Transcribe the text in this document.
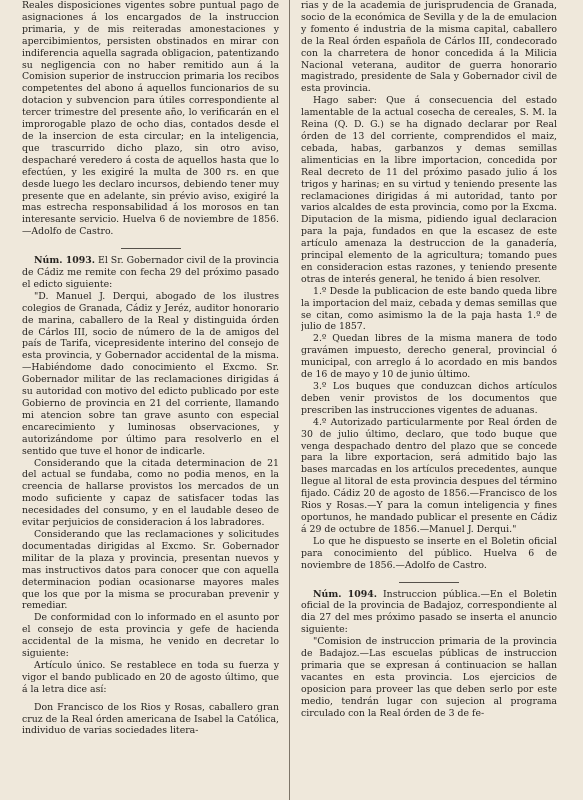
Reales disposiciones vigentes sobre puntual pago de asignaciones á los encargados de la instruccion primaria, y de mis reiteradas amonestaciones y apercibimientos, persisten obstinados en mirar con indiferencia aquella sagrada obligacion, patentizando su negligencia con no haber remitido aun á la Comision superior de instruccion primaria los recibos competentes del abono á aquellos funcionarios de su dotacion y subvencion para útiles correspondiente al tercer trimestre del presente año, lo verificarán en el improrogable plazo de ocho dias, contados desde el de la insercion de esta circular; en la inteligencia, que trascurrido dicho plazo, sin otro aviso, despacharé veredero á costa de aquellos hasta que lo efectúen, y les exigiré la multa de 300 rs. en que desde luego les declaro incursos, debiendo tener muy presente que en adelante, sin prévio aviso, exigiré la mas estrecha responsabilidad á los morosos en tan interesante servicio. Huelva 6 de noviembre de 1856.—Adolfo de Castro.

Núm. 1093. El Sr. Gobernador civil de la provincia de Cádiz me remite con fecha 29 del próximo pasado el edicto siguiente:

"D. Manuel J. Derqui, abogado de los ilustres colegios de Granada, Cádiz y Jeréz, auditor honorario de marina, caballero de la Real y distinguida órden de Cárlos III, socio de número de la de amigos del país de Tarifa, vicepresidente interino del consejo de esta provincia, y Gobernador accidental de la misma.—Habiéndome dado conocimiento el Excmo. Sr. Gobernador militar de las reclamaciones dirigidas á su autoridad con motivo del edicto publicado por este Gobierno de provincia en 21 del corriente, llamando mi atencion sobre tan grave asunto con especial encarecimiento y luminosas observaciones, y autorizándome por último para resolverlo en el sentido que tuve el honor de indicarle.

Considerando que la citada determinacion de 21 del actual se fundaba, como no podia menos, en la creencia de hallarse provistos los mercados de un modo suficiente y capaz de satisfacer todas las necesidades del consumo, y en el laudable deseo de evitar perjuicios de consideracion á los labradores.

Considerando que las reclamaciones y solicitudes documentadas dirigidas al Excmo. Sr. Gobernador militar de la plaza y provincia, presentan nuevos y mas instructivos datos para conocer que con aquella determinacion podian ocasionarse mayores males que los que por la misma se procuraban prevenir y remediar.

De conformidad con lo informado en el asunto por el consejo de esta provincia y gefe de hacienda accidental de la misma, he venido en decretar lo siguiente:

Artículo único. Se restablece en toda su fuerza y vigor el bando publicado en 20 de agosto último, que á la letra dice así:

Don Francisco de los Rios y Rosas, caballero gran cruz de la Real órden americana de Isabel la Católica, individuo de varias sociedades litera-

rias y de la academia de jurisprudencia de Granada, socio de la económica de Sevilla y de la de emulacion y fomento é industria de la misma capital, caballero de la Real órden española de Cárlos III, condecorado con la charretera de honor concedida á la Milicia Nacional veterana, auditor de guerra honorario magistrado, presidente de Sala y Gobernador civil de esta provincia.

Hago saber: Que á consecuencia del estado lamentable de la actual cosecha de cereales, S. M. la Reina (Q. D. G.) se ha dignado declarar por Real órden de 13 del corriente, comprendidos el maiz, cebada, habas, garbanzos y demas semillas alimenticias en la libre importacion, concedida por Real decreto de 11 del próximo pasado julio á los trigos y harinas; en su virtud y teniendo presente las reclamaciones dirigidas á mi autoridad, tanto por varios alcaldes de esta provincia, como por la Excma. Diputacion de la misma, pidiendo igual declaracion para la paja, fundados en que la escasez de este artículo amenaza la destruccion de la ganadería, principal elemento de la agricultura; tomando pues en consideracion estas razones, y teniendo presente otras de interés general, he tenido á bien resolver.

1.º Desde la publicacion de este bando queda libre la importacion del maiz, cebada y demas semillas que se citan, como asimismo la de la paja hasta 1.º de julio de 1857.

2.º Quedan libres de la misma manera de todo gravámen impuesto, derecho general, provincial ó municipal, con arreglo á lo acordado en mis bandos de 16 de mayo y 10 de junio último.

3.º Los buques que conduzcan dichos artículos deben venir provistos de los documentos que prescriben las instrucciones vigentes de aduanas.

4.º Autorizado particularmente por Real órden de 30 de julio último, declaro, que todo buque que venga despachado dentro del plazo que se concede para la libre exportacion, será admitido bajo las bases marcadas en los artículos precedentes, aunque llegue al litoral de esta provincia despues del término fijado. Cádiz 20 de agosto de 1856.—Francisco de los Rios y Rosas.—Y para la comun inteligencia y fines oportunos, he mandado publicar el presente en Cádiz á 29 de octubre de 1856.—Manuel J. Derqui."

Lo que he dispuesto se inserte en el Boletin oficial para conocimiento del público. Huelva 6 de noviembre de 1856.—Adolfo de Castro.

Núm. 1094. Instruccion pública.—En el Boletin oficial de la provincia de Badajoz, correspondiente al dia 27 del mes próximo pasado se inserta el anuncio siguiente:

"Comision de instruccion primaria de la provincia de Badajoz.—Las escuelas públicas de instruccion primaria que se expresan á continuacion se hallan vacantes en esta provincia. Los ejercicios de oposicion para proveer las que deben serlo por este medio, tendrán lugar con sujecion al programa circulado con la Real órden de 3 de fe-
